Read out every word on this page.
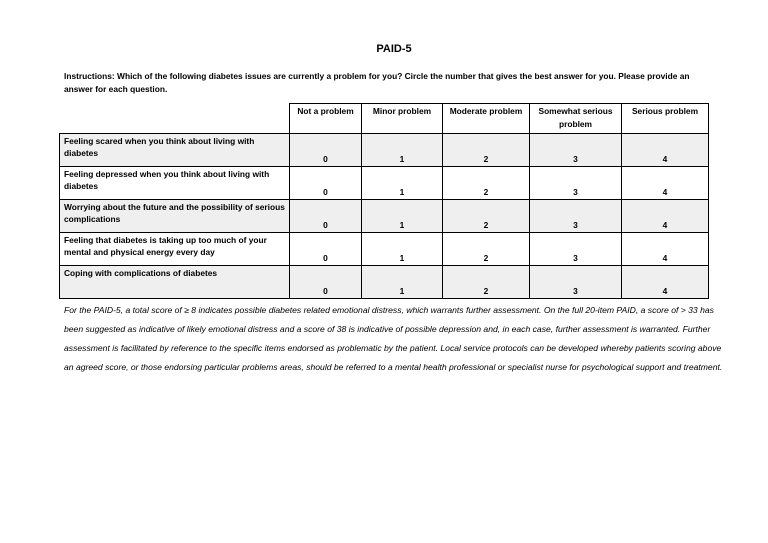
PAID-5
Instructions: Which of the following diabetes issues are currently a problem for you? Circle the number that gives the best answer for you. Please provide an answer for each question.
	Not a problem	Minor problem	Moderate problem	Somewhat serious problem	Serious problem
Feeling scared when you think about living with diabetes	0	1	2	3	4
Feeling depressed when you think about living with diabetes	0	1	2	3	4
Worrying about the future and the possibility of serious complications	0	1	2	3	4
Feeling that diabetes is taking up too much of your mental and physical energy every day	0	1	2	3	4
Coping with complications of diabetes	0	1	2	3	4
For the PAID-5, a total score of ≥ 8 indicates possible diabetes related emotional distress, which warrants further assessment. On the full 20-item PAID, a score of > 33 has been suggested as indicative of likely emotional distress and a score of 38 is indicative of possible depression and, in each case, further assessment is warranted. Further assessment is facilitated by reference to the specific items endorsed as problematic by the patient. Local service protocols can be developed whereby patients scoring above an agreed score, or those endorsing particular problems areas, should be referred to a mental health professional or specialist nurse for psychological support and treatment.
